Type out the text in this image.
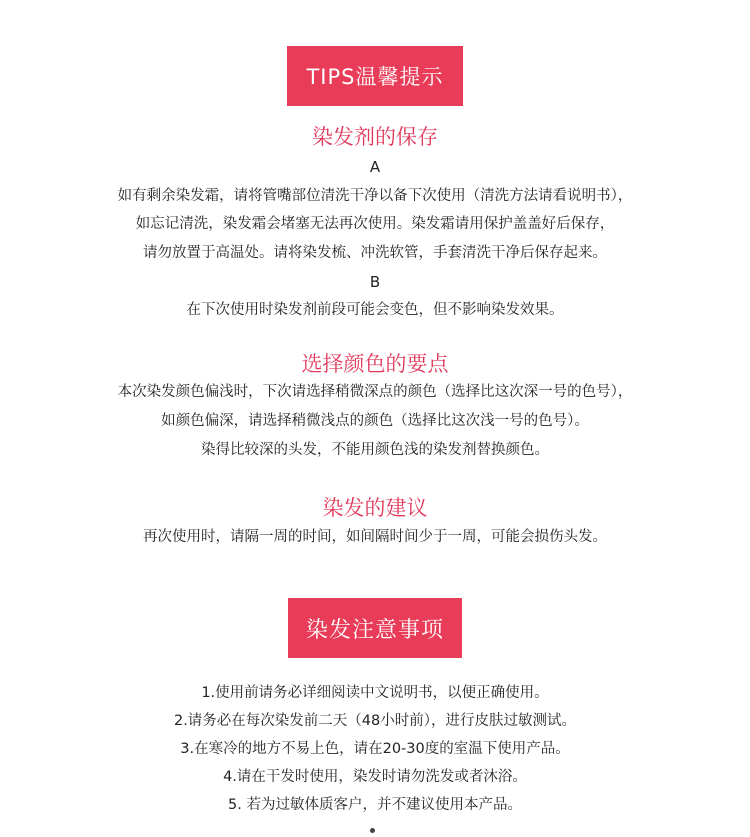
TIPS温馨提示
染发剂的保存
A
如有剩余染发霜，请将管嘴部位清洗干净以备下次使用（清洗方法请看说明书），
如忘记清洗，染发霜会堵塞无法再次使用。染发霜请用保护盖盖好后保存，
请勿放置于高温处。请将染发梳、冲洗软管，手套清洗干净后保存起来。
B
在下次使用时染发剂前段可能会变色，但不影响染发效果。
选择颜色的要点
本次染发颜色偏浅时，下次请选择稍微深点的颜色（选择比这次深一号的色号），
如颜色偏深，请选择稍微浅点的颜色（选择比这次浅一号的色号）。
染得比较深的头发，不能用颜色浅的染发剂替换颜色。
染发的建议
再次使用时，请隔一周的时间，如间隔时间少于一周，可能会损伤头发。
染发注意事项
1.使用前请务必详细阅读中文说明书，以便正确使用。
2.请务必在每次染发前二天（48小时前），进行皮肤过敏测试。
3.在寒冷的地方不易上色，请在20-30度的室温下使用产品。
4.请在干发时使用，染发时请勿洗发或者沐浴。
5. 若为过敏体质客户，并不建议使用本产品。
